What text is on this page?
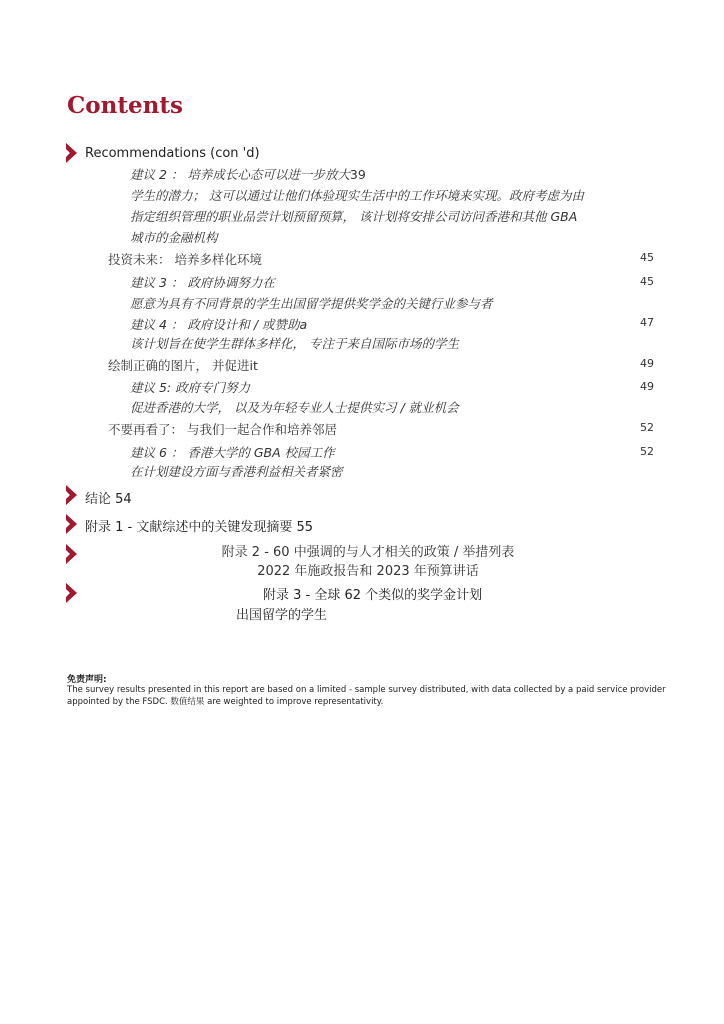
Contents
Recommendations (con 'd)
建议 2 ： 培养成长心态可以进一步放大39
学生的潜力； 这可以通过让他们体验现实生活中的工作环境来实现。政府考虑为由
指定组织管理的职业品尝计划预留预算， 该计划将安排公司访问香港和其他 GBA
城市的金融机构
投资未来： 培养多样化环境	45
建议 3 ： 政府协调努力在	45
愿意为具有不同背景的学生出国留学提供奖学金的关键行业参与者
建议 4 ： 政府设计和 / 或赞助a	47
该计划旨在使学生群体多样化， 专注于来自国际市场的学生
绘制正确的图片， 并促进it	49
建议 5: 政府专门努力	49
促进香港的大学， 以及为年轻专业人士提供实习 / 就业机会
不要再看了： 与我们一起合作和培养邻居	52
建议 6 ： 香港大学的 GBA 校园工作	52
在计划建设方面与香港利益相关者紧密
结论 54
附录 1 - 文献综述中的关键发现摘要 55
附录 2 - 60 中强调的与人才相关的政策 / 举措列表
2022 年施政报告和 2023 年预算讲话
附录 3 - 全球 62 个类似的奖学金计划
出国留学的学生
免责声明:
The survey results presented in this report are based on a limited - sample survey distributed, with data collected by a paid service provider appointed by the FSDC. 数值结果 are weighted to improve representativity.
